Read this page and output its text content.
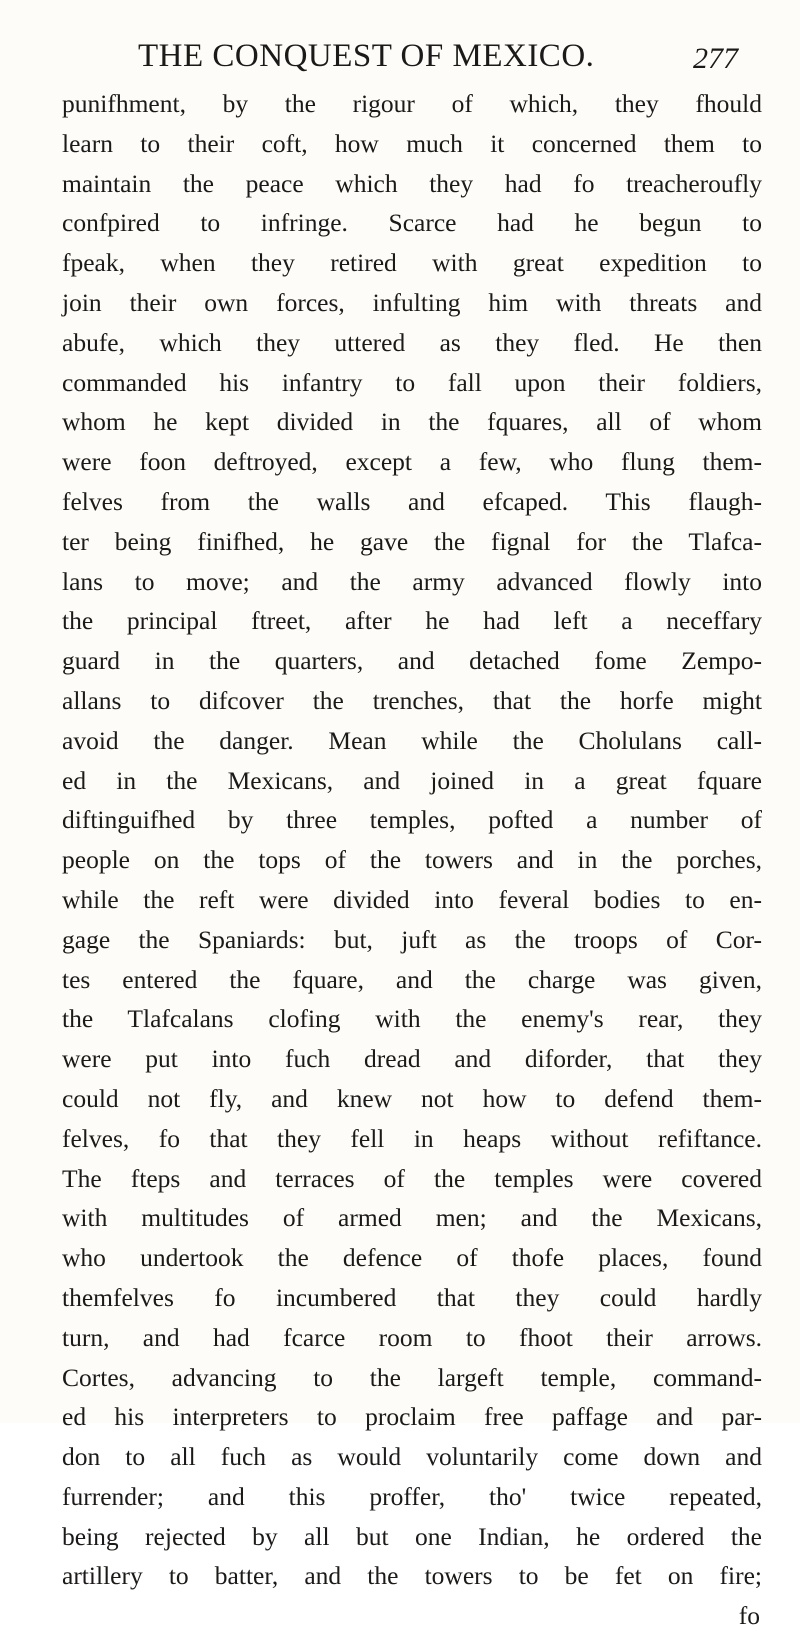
THE CONQUEST OF MEXICO.	277
punifhment, by the rigour of which, they fhould
learn to their coft, how much it concerned them to
maintain the peace which they had fo treacheroufly
confpired to infringe. Scarce had he begun to
fpeak, when they retired with great expedition to
join their own forces, infulting him with threats and
abufe, which they uttered as they fled. He then
commanded his infantry to fall upon their foldiers,
whom he kept divided in the fquares, all of whom
were foon deftroyed, except a few, who flung them-
felves from the walls and efcaped. This flaugh-
ter being finifhed, he gave the fignal for the Tlafca-
lans to move; and the army advanced flowly into
the principal ftreet, after he had left a neceffary
guard in the quarters, and detached fome Zempo-
allans to difcover the trenches, that the horfe might
avoid the danger. Mean while the Cholulans call-
ed in the Mexicans, and joined in a great fquare
diftinguifhed by three temples, pofted a number of
people on the tops of the towers and in the porches,
while the reft were divided into feveral bodies to en-
gage the Spaniards: but, juft as the troops of Cor-
tes entered the fquare, and the charge was given,
the Tlafcalans clofing with the enemy's rear, they
were put into fuch dread and diforder, that they
could not fly, and knew not how to defend them-
felves, fo that they fell in heaps without refiftance.
The fteps and terraces of the temples were covered
with multitudes of armed men; and the Mexicans,
who undertook the defence of thofe places, found
themfelves fo incumbered that they could hardly
turn, and had fcarce room to fhoot their arrows.
Cortes, advancing to the largeft temple, command-
ed his interpreters to proclaim free paffage and par-
don to all fuch as would voluntarily come down and
furrender; and this proffer, tho' twice repeated,
being rejected by all but one Indian, he ordered the
artillery to batter, and the towers to be fet on fire;
fo
